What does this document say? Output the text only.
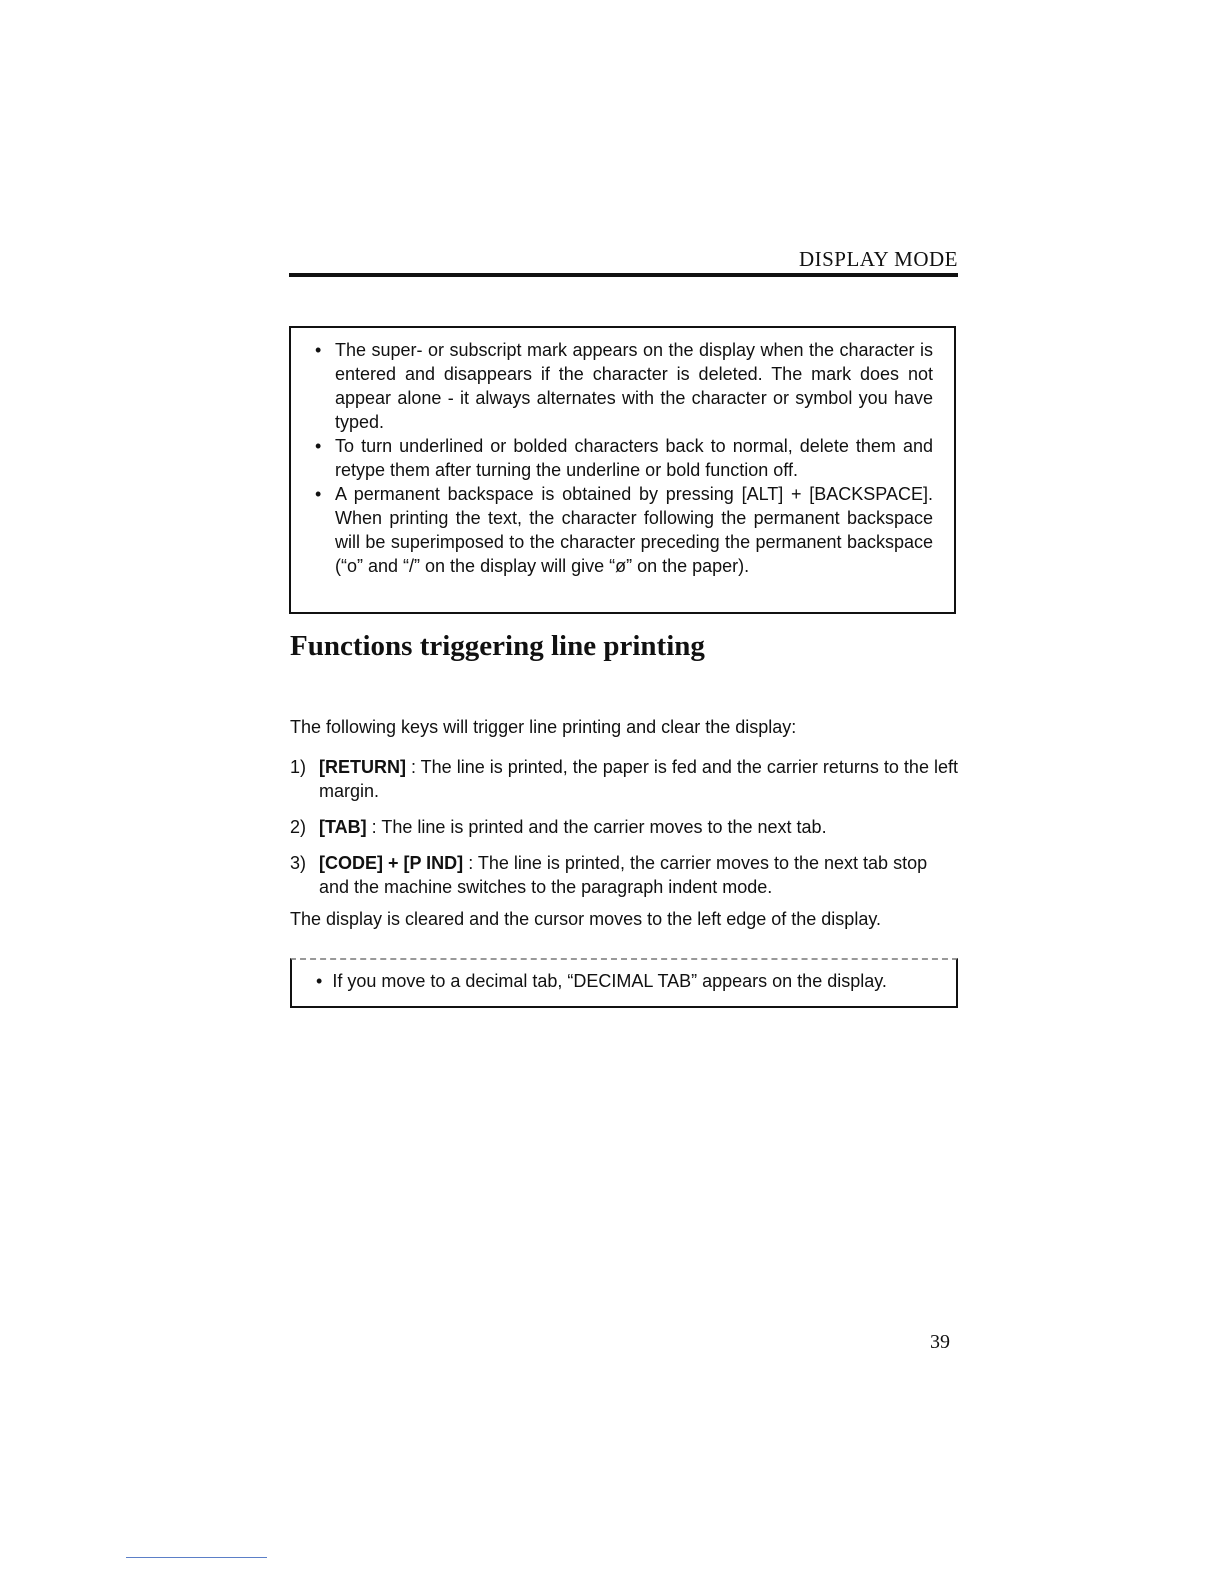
DISPLAY MODE
• The super- or subscript mark appears on the display when the character is entered and disappears if the character is deleted. The mark does not appear alone - it always alternates with the character or symbol you have typed.
• To turn underlined or bolded characters back to normal, delete them and retype them after turning the underline or bold function off.
• A permanent backspace is obtained by pressing [ALT] + [BACKSPACE]. When printing the text, the character following the permanent backspace will be superimposed to the character preceding the permanent backspace (“o” and “/” on the display will give “ø” on the paper).
Functions triggering line printing

The following keys will trigger line printing and clear the display:

1) [RETURN] : The line is printed, the paper is fed and the carrier returns to the left margin.
2) [TAB] : The line is printed and the carrier moves to the next tab.
3) [CODE] + [P IND] : The line is printed, the carrier moves to the next tab stop and the machine switches to the paragraph indent mode.

The display is cleared and the cursor moves to the left edge of the display.

• If you move to a decimal tab, “DECIMAL TAB” appears on the display.
39
